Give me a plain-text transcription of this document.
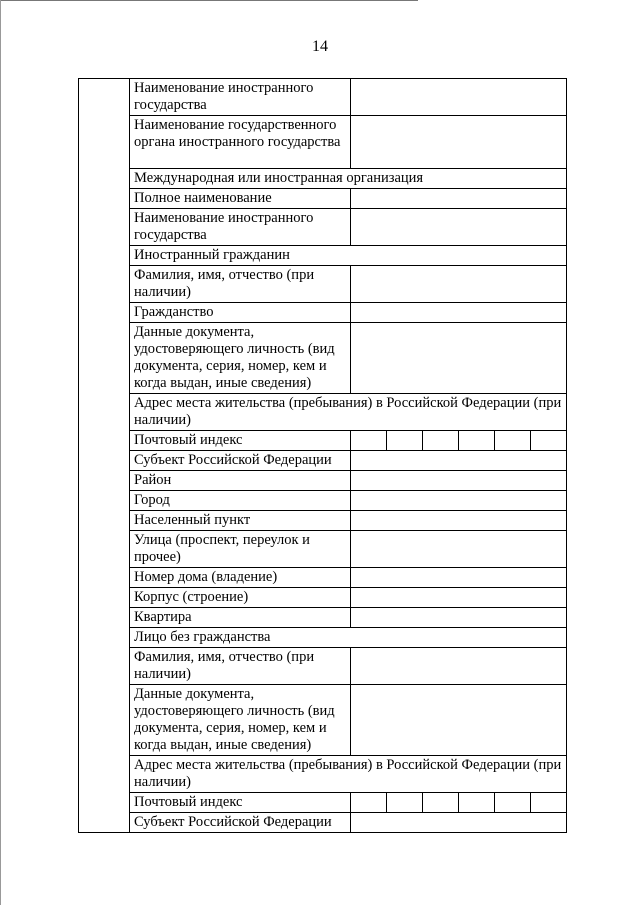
14
	Наименование иностранного государства	
	Наименование государственного органа иностранного государства	
	Международная или иностранная организация	
	Полное наименование	
	Наименование иностранного государства	
	Иностранный гражданин	
	Фамилия, имя, отчество (при наличии)	
	Гражданство	
	Данные документа, удостоверяющего личность (вид документа, серия, номер, кем и когда выдан, иные сведения)	
	Адрес места жительства (пребывания) в Российской Федерации (при наличии)	
	Почтовый индекс	

	Субъект Российской Федерации	
	Район	
	Город	
	Населенный пункт	
	Улица (проспект, переулок и прочее)	
	Номер дома (владение)	
	Корпус (строение)	
	Квартира	
	Лицо без гражданства	
	Фамилия, имя, отчество (при наличии)	
	Данные документа, удостоверяющего личность (вид документа, серия, номер, кем и когда выдан, иные сведения)	
	Адрес места жительства (пребывания) в Российской Федерации (при наличии)	
	Почтовый индекс	

	Субъект Российской Федерации	
